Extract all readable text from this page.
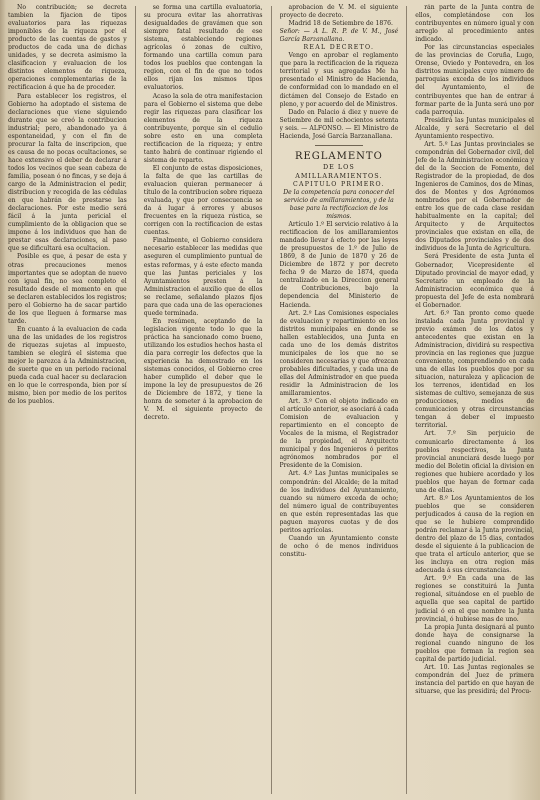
No contribución; se decreta tambien la fijacion de tipos evaluatorios para las riquezas imponibles de la riqueza por el producto de las cuentas de gastos y productos de cada una de dichas unidades, y se decreta asimismo la clasificacion y evaluacion de los distintos elementos de riqueza, operaciones complementarias de la rectificacion á que ha de proceder.

Para establecer los registros, el Gobierno ha adoptado el sistema de declaraciones que viene siguiendo durante que se creó la contribucion industrial; pero, abandonado ya á espontaneidad, y con el fin de procurar la falta de inscripcion, que es causa de no pocas ocultaciones, se hace extensivo el deber de declarar á todos los vecinos que sean cabeza de familia, posean ó no fincas, y se deja á cargo de la Administracion el pedir, distribucion y recogida de las cédulas en que habrán de prestarse las declaraciones. Por este medio será fácil á la junta pericial el cumplimiento de la obligacion que se impone á los individuos que han de prestar esas declaraciones, al paso que se dificultará esa ocultacion.

Posible es que, á pesar de esta y otras precauciones menos importantes que se adoptan de nuevo con igual fin, no sea completo el resultado desde el momento en que se declaren establecidos los registros; pero el Gobierno ha de sacar partido de los que lleguen á formarse mas tarde.

En cuanto á la evaluacion de cada una de las unidades de los registros de riquezas sujetas al impuesto, tambien se elegirá el sistema que mejor le parezca á la Administracion, de suerte que en un periodo racional pueda cada cual hacer su declaracion en lo que le corresponda, bien por sí mismo, bien por medio de los peritos de los pueblos.

se forma una cartilla evaluatoria, su procura evitar las ahorrativas desigualdades de gravámen que son siempre fatal resultado de ese sistema, estableciendo regiones agrícolas ó zonas de cultivo, formando una cartilla comun para todos los pueblos que contengan la region, con el fin de que no todos ellos rijan los mismos tipos evaluatorios.

Acaso la sola de otra manifestacion para el Gobierno el sistema que debe regir las riquezas para clasificar los elementos de la riqueza contribuyente, porque sin el cedulio sobre esto en una completa rectificacion de la riqueza; y entre tanto habrá de continuar rigiendo el sistema de reparto.

El conjunto de estas disposiciones, la falta de que las cartillas de evaluacion quieran permanecer á título de la contribucion sobre riqueza evaluada, y que por consecuencia se da á lugar á errores y abusos frecuentes en la riqueza rústica, se corrigen con la rectificacion de estas cuentas.

Finalmente, el Gobierno considera necesario establecer las medidas que aseguren el cumplimiento puntual de estas reformas, y á este efecto manda que las Juntas periciales y los Ayuntamientos presten á la Administracion el auxilio que de ellos se reclame, señalando plazos fijos para que cada una de las operaciones quede terminada.

En resúmen, aceptando de la legislacion vigente todo lo que la práctica ha sancionado como bueno, utilizando los estudios hechos hasta el dia para corregir los defectos que la experiencia ha demostrado en los sistemas conocidos, el Gobierno cree haber cumplido el deber que le impone la ley de presupuestos de 26 de Diciembre de 1872, y tiene la honra de someter á la aprobacion de V. M. el siguiente proyecto de decreto.

aprobacion de V. M. el siguiente proyecto de decreto.

Madrid 18 de Setiembre de 1876.

Señor: — A L. R. P. de V. M., José García Barzanallana.

REAL DECRETO.

Vengo en aprobar el reglamento que para la rectificacion de la riqueza territorial y sus agregadas Me ha presentado el Ministro de Hacienda, de conformidad con lo mandado en el dictámen del Consejo de Estado en pleno, y por acuerdo del de Ministros.

Dado en Palacio á diez y nueve de Setiembre de mil ochocientos setenta y seis. — ALFONSO. — El Ministro de Hacienda, José García Barzanallana.

REGLAMENTO

DE LOS AMILLARAMIENTOS.

CAPITULO PRIMERO.

De la competencia para conocer del servicio de amillaramientos, y de la base para la rectificacion de los mismos.

Artículo 1.º El servicio relativo á la rectificacion de los amillaramientos mandado llevar á efecto por las leyes de presupuestos de 1.º de Julio de 1869, 8 de Junio de 1870 y 26 de Diciembre de 1872 y por decreto fecha 9 de Marzo de 1874, queda centralizado en la Direccion general de Contribuciones, bajo la dependencia del Ministerio de Hacienda.

Art. 2.º Las Comisiones especiales de evaluacion y repartimiento en los distritos municipales en donde se hallen establecidos, una Junta en cada uno de los demás distritos municipales de los que no se consideren necesarias y que ofrezcan probables dificultades, y cada una de ellas del Administrador en que pueda residir la Administracion de los amillaramientos.

Art. 3.º Con el objeto indicado en el artículo anterior, se asociará á cada Comision de evaluacion y repartimiento en el concepto de Vocales de la misma, el Registrador de la propiedad, el Arquitecto municipal y dos Ingenieros ó peritos agrónomos nombrados por el Presidente de la Comision.

Art. 4.º Las Juntas municipales se compondrán: del Alcalde; de la mitad de los individuos del Ayuntamiento, cuando su número exceda de ocho; del número igual de contribuyentes en que estén representadas las que paguen mayores cuotas y de dos peritos agrícolas.

Cuando un Ayuntamiento conste de ocho ó de menos individuos constitu-

rán parte de la Junta contra de ellos, completándose con los contribuyentes en número igual y con arreglo al procedimiento antes indicado.

Por las circunstancias especiales de las provincias de Coruña, Lugo, Orense, Oviedo y Pontevedra, en los distritos municipales cuyo número de parroquias exceda de los individuos del Ayuntamiento, el de contribuyentes que han de entrar á formar parte de la Junta será uno por cada parroquia.

Presidirá las Juntas municipales el Alcalde, y será Secretario el del Ayuntamiento respectivo.

Art. 5.º Las Juntas provinciales se compondrán del Gobernador civil, del Jefe de la Administracion económica y del de la Seccion de Fomento, del Registrador de la propiedad, de dos Ingenieros de Caminos, dos de Minas, dos de Montes y dos Agrónomos nombrados por el Gobernador de entre los que de cada clase residan habitualmente en la capital; del Arquitecto y de Arquitectos provinciales que existan en ella, de dos Diputados provinciales y de dos individuos de la Junta de Agricultura.

Será Presidente de esta Junta el Gobernador, Vicepresidente el Diputado provincial de mayor edad, y Secretario un empleado de la Administracion económica que á propuesta del Jefe de esta nombrará el Gobernador.

Art. 6.º Tan pronto como quede instalada cada Junta provincial y previo exámen de los datos y antecedentes que existan en la Administracion, dividirá su respectiva provincia en las regiones que juzgue conveniente, comprendiendo en cada una de ellas los pueblos que por su situacion, naturaleza y aplicacion de los terrenos, identidad en los sistemas de cultivo, semejanza de sus producciones, medios de comunicacion y otras circunstancias tengan á deber el impuesto territorial.

Art. 7.º Sin perjuicio de comunicarlo directamente á los pueblos respectivos, la Junta provincial anunciará desde luego por medio del Boletin oficial la division en regiones que hubiere acordado y los pueblos que hayan de formar cada una de ellas.

Art. 8.º Los Ayuntamientos de los pueblos que se consideren perjudicados á causa de la region en que se le hubiere comprendido podrán reclamar á la Junta provincial, dentro del plazo de 15 dias, contados desde el siguiente á la publicacion de que trata el artículo anterior, que se les incluya en otra region más adecuada á sus circunstancias.

Art. 9.º En cada una de las regiones se constituirá la Junta regional, situándose en el pueblo de aquella que sea capital de partido judicial ó en el que nombre la Junta provincial, ó hubiese mas de uno.

La propia Junta designará al punto donde haya de consignarse la regional cuando ninguno de los pueblos que forman la region sea capital de partido judicial.

Art. 10. Las Juntas regionales se compondrán del Juez de primera instancia del partido en que hayan de situarse, que las presidirá; del Procu-
